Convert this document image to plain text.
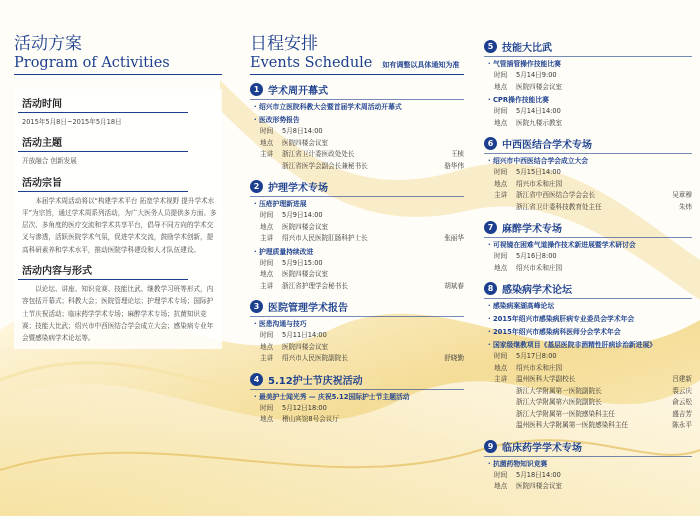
活动方案
Program of Activities
活动时间
2015年5月8日~2015年5月18日
活动主题
开放融合 创新发展
活动宗旨
本届学术周活动将以“构建学术平台 拓宽学术视野 提升学术水平”为宗旨，通过学术周系列活动，为广大医务人员提供多方面、多层次、多角度的医疗交流和学术共享平台，倡导不同方向的学术交叉与渗透，活跃医院学术气氛，促进学术交流，鼓励学术创新，提高科研素养和学术水平，推动医院学科建设和人才队伍建设。
活动内容与形式
以论坛、讲座、知识竞赛、技能比武、继教学习班等形式，内容包括开幕式；科教大会；医院管理论坛；护理学术专场；国际护士节庆祝活动；临床药学学术专场；麻醉学术专场；抗菌知识竞赛；技能大比武；绍兴市中西医结合学会成立大会；感染病专业年会暨感染病学术论坛等。
日程安排
Events Schedule 如有调整以具体通知为准
1 学术周开幕式
· 绍兴市立医院科教大会暨首届学术周活动开幕式
· 医改形势报告
时间	5月8日14:00
地点	医院四楼会议室
主讲	浙江省卫计委医政处处长	王桢
浙江省医学会副会长兼秘书长	骆华伟
2 护理学术专场
· 压疮护理新进展
时间	5月9日14:00
地点	医院四楼会议室
主讲	绍兴市人民医院肛肠科护士长	张丽华
· 护理质量持续改进
时间	5月9日15:00
地点	医院四楼会议室
主讲	浙江省护理学会秘书长	胡斌春
3 医院管理学术报告
· 医患沟通与技巧
时间	5月11日14:00
地点	医院四楼会议室
主讲	绍兴市人民医院副院长	舒晓勤
4 5.12护士节庆祝活动
· 最美护士闻光秀 — 庆祝5.12国际护士节主题活动
时间	5月12日18:00
地点	稽山宾馆8号会议厅
5 技能大比武
· 气管插管操作技能比赛
时间	5月14日9:00
地点	医院四楼会议室
· CPR操作技能比赛
时间	5月14日14:00
地点	医院九楼示教室
6 中西医结合学术专场
· 绍兴市中西医结合学会成立大会
时间	5月15日14:00
地点	绍兴市禾和庄园
主讲	浙江省中西医结合学会会长	吴章穆
浙江省卫计委科技教育处主任	朱炜
7 麻醉学术专场
· 可视镜在困难气道操作技术新进展暨学术研讨会
时间	5月16日8:00
地点	绍兴市禾和庄园
8 感染病学术论坛
· 感染病案湖高峰论坛
· 2015年绍兴市感染病肝病专业委员会学术年会
· 2015年绍兴市感染病科医师分会学术年会
· 国家级继教项目《基层医院非酒精性肝病诊治新进展》
时间	5月17日8:00
地点	绍兴市禾和庄园
主讲	温州医科大学副校长	吕建新
浙江大学附属第一医院副院长	裘云庆
浙江大学附属第六医院副院长	俞云松
浙江大学附属第一医院感染科主任	盛吉芳
温州医科大学附属第一医院感染科主任	陈永平
9 临床药学学术专场
· 抗菌药物知识竞赛
时间	5月18日14:00
地点	医院四楼会议室
